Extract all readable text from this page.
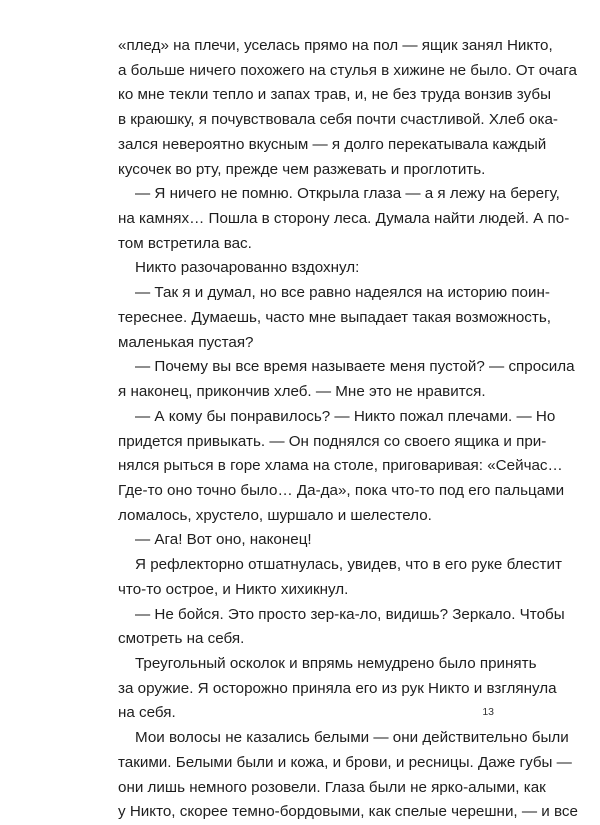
«плед» на плечи, уселась прямо на пол — ящик занял Никто,
а больше ничего похожего на стулья в хижине не было. От очага
ко мне текли тепло и запах трав, и, не без труда вонзив зубы
в краюшку, я почувствовала себя почти счастливой. Хлеб ока-
зался невероятно вкусным — я долго перекатывала каждый
кусочек во рту, прежде чем разжевать и проглотить.
— Я ничего не помню. Открыла глаза — а я лежу на берегу,
на камнях… Пошла в сторону леса. Думала найти людей. А по-
том встретила вас.
Никто разочарованно вздохнул:
— Так я и думал, но все равно надеялся на историю поин-
тереснее. Думаешь, часто мне выпадает такая возможность,
маленькая пустая?
— Почему вы все время называете меня пустой? — спросила
я наконец, прикончив хлеб. — Мне это не нравится.
— А кому бы понравилось? — Никто пожал плечами. — Но
придется привыкать. — Он поднялся со своего ящика и при-
нялся рыться в горе хлама на столе, приговаривая: «Сейчас…
Где-то оно точно было… Да-да», пока что-то под его пальцами
ломалось, хрустело, шуршало и шелестело.
— Ага! Вот оно, наконец!
Я рефлекторно отшатнулась, увидев, что в его руке блестит
что-то острое, и Никто хихикнул.
— Не бойся. Это просто зер-ка-ло, видишь? Зеркало. Чтобы
смотреть на себя.
Треугольный осколок и впрямь немудрено было принять
за оружие. Я осторожно приняла его из рук Никто и взглянула
на себя.
Мои волосы не казались белыми — они действительно были
такими. Белыми были и кожа, и брови, и ресницы. Даже губы —
они лишь немного розовели. Глаза были не ярко-алыми, как
у Никто, скорее темно-бордовыми, как спелые черешни, — и все
13
